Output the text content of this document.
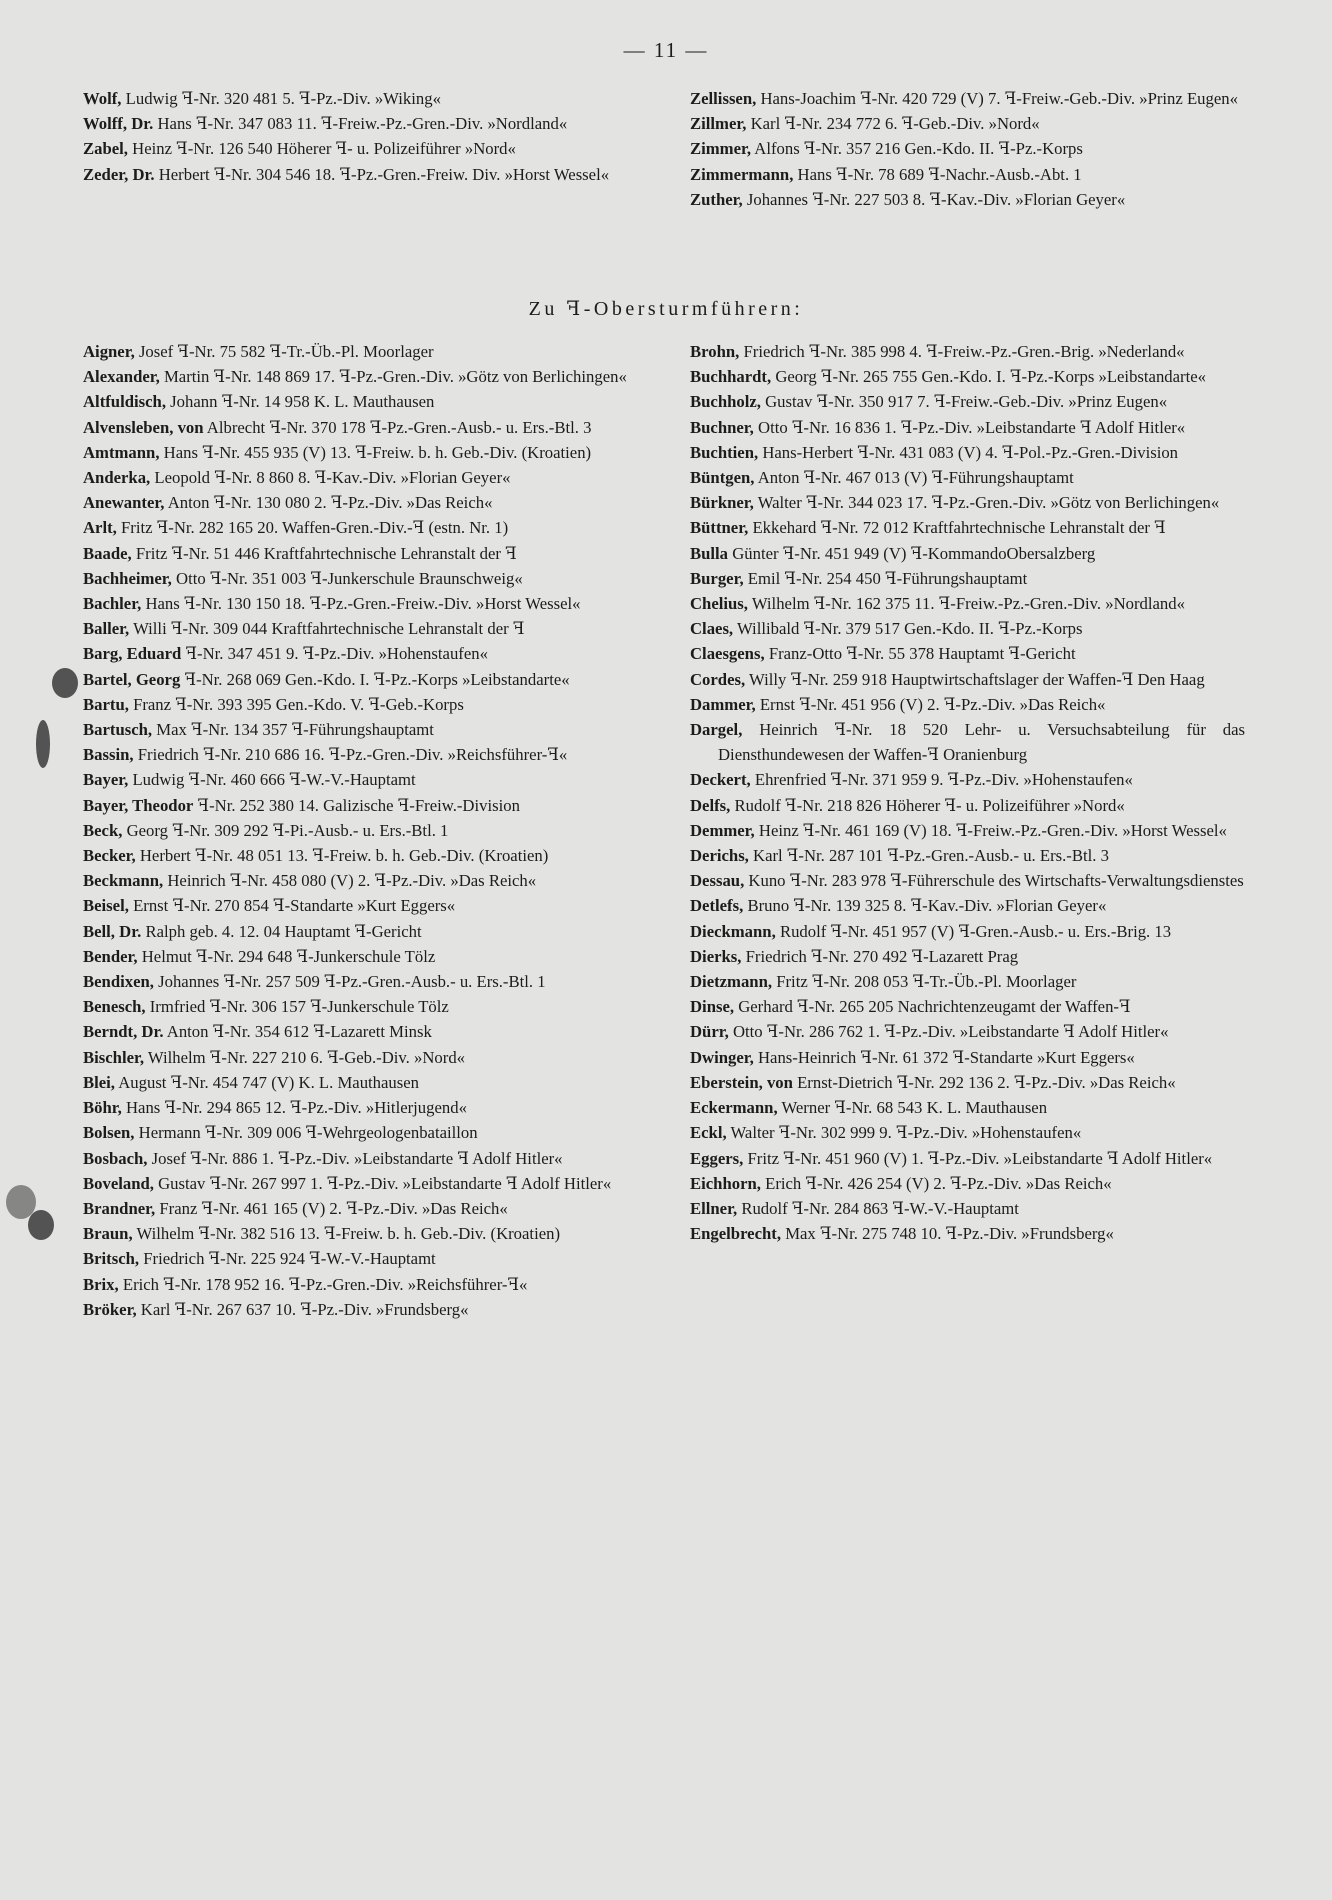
— 11 —

Wolf, Ludwig ꟻ-Nr. 320 481 5. ꟻ-Pz.-Div. »Wiking«

Wolff, Dr. Hans ꟻ-Nr. 347 083 11. ꟻ-Freiw.-Pz.-Gren.-Div. »Nordland«

Zabel, Heinz ꟻ-Nr. 126 540 Höherer ꟻ- u. Polizeiführer »Nord«

Zeder, Dr. Herbert ꟻ-Nr. 304 546 18. ꟻ-Pz.-Gren.-Freiw. Div. »Horst Wessel«

Zellissen, Hans-Joachim ꟻ-Nr. 420 729 (V) 7. ꟻ-Freiw.-Geb.-Div. »Prinz Eugen«

Zillmer, Karl ꟻ-Nr. 234 772 6. ꟻ-Geb.-Div. »Nord«

Zimmer, Alfons ꟻ-Nr. 357 216 Gen.-Kdo. II. ꟻ-Pz.-Korps

Zimmermann, Hans ꟻ-Nr. 78 689 ꟻ-Nachr.-Ausb.-Abt. 1

Zuther, Johannes ꟻ-Nr. 227 503 8. ꟻ-Kav.-Div. »Florian Geyer«

Zu ꟻ-Obersturmführern:

Aigner, Josef ꟻ-Nr. 75 582 ꟻ-Tr.-Üb.-Pl. Moorlager

Alexander, Martin ꟻ-Nr. 148 869 17. ꟻ-Pz.-Gren.-Div. »Götz von Berlichingen«

Altfuldisch, Johann ꟻ-Nr. 14 958 K. L. Mauthausen

Alvensleben, von Albrecht ꟻ-Nr. 370 178 ꟻ-Pz.-Gren.-Ausb.- u. Ers.-Btl. 3

Amtmann, Hans ꟻ-Nr. 455 935 (V) 13. ꟻ-Freiw. b. h. Geb.-Div. (Kroatien)

Anderka, Leopold ꟻ-Nr. 8 860 8. ꟻ-Kav.-Div. »Florian Geyer«

Anewanter, Anton ꟻ-Nr. 130 080 2. ꟻ-Pz.-Div. »Das Reich«

Arlt, Fritz ꟻ-Nr. 282 165 20. Waffen-Gren.-Div.-ꟻ (estn. Nr. 1)

Baade, Fritz ꟻ-Nr. 51 446 Kraftfahrtechnische Lehranstalt der ꟻ

Bachheimer, Otto ꟻ-Nr. 351 003 ꟻ-Junkerschule Braunschweig«

Bachler, Hans ꟻ-Nr. 130 150 18. ꟻ-Pz.-Gren.-Freiw.-Div. »Horst Wessel«

Baller, Willi ꟻ-Nr. 309 044 Kraftfahrtechnische Lehranstalt der ꟻ

Barg, Eduard ꟻ-Nr. 347 451 9. ꟻ-Pz.-Div. »Hohenstaufen«

Bartel, Georg ꟻ-Nr. 268 069 Gen.-Kdo. I. ꟻ-Pz.-Korps »Leibstandarte«

Bartu, Franz ꟻ-Nr. 393 395 Gen.-Kdo. V. ꟻ-Geb.-Korps

Bartusch, Max ꟻ-Nr. 134 357 ꟻ-Führungshauptamt

Bassin, Friedrich ꟻ-Nr. 210 686 16. ꟻ-Pz.-Gren.-Div. »Reichsführer-ꟻ«

Bayer, Ludwig ꟻ-Nr. 460 666 ꟻ-W.-V.-Hauptamt

Bayer, Theodor ꟻ-Nr. 252 380 14. Galizische ꟻ-Freiw.-Division

Beck, Georg ꟻ-Nr. 309 292 ꟻ-Pi.-Ausb.- u. Ers.-Btl. 1

Becker, Herbert ꟻ-Nr. 48 051 13. ꟻ-Freiw. b. h. Geb.-Div. (Kroatien)

Beckmann, Heinrich ꟻ-Nr. 458 080 (V) 2. ꟻ-Pz.-Div. »Das Reich«

Beisel, Ernst ꟻ-Nr. 270 854 ꟻ-Standarte »Kurt Eggers«

Bell, Dr. Ralph geb. 4. 12. 04 Hauptamt ꟻ-Gericht

Bender, Helmut ꟻ-Nr. 294 648 ꟻ-Junkerschule Tölz

Bendixen, Johannes ꟻ-Nr. 257 509 ꟻ-Pz.-Gren.-Ausb.- u. Ers.-Btl. 1

Benesch, Irmfried ꟻ-Nr. 306 157 ꟻ-Junkerschule Tölz

Berndt, Dr. Anton ꟻ-Nr. 354 612 ꟻ-Lazarett Minsk

Bischler, Wilhelm ꟻ-Nr. 227 210 6. ꟻ-Geb.-Div. »Nord«

Blei, August ꟻ-Nr. 454 747 (V) K. L. Mauthausen

Böhr, Hans ꟻ-Nr. 294 865 12. ꟻ-Pz.-Div. »Hitlerjugend«

Bolsen, Hermann ꟻ-Nr. 309 006 ꟻ-Wehrgeologenbataillon

Bosbach, Josef ꟻ-Nr. 886 1. ꟻ-Pz.-Div. »Leibstandarte ꟻ Adolf Hitler«

Boveland, Gustav ꟻ-Nr. 267 997 1. ꟻ-Pz.-Div. »Leibstandarte ꟻ Adolf Hitler«

Brandner, Franz ꟻ-Nr. 461 165 (V) 2. ꟻ-Pz.-Div. »Das Reich«

Braun, Wilhelm ꟻ-Nr. 382 516 13. ꟻ-Freiw. b. h. Geb.-Div. (Kroatien)

Britsch, Friedrich ꟻ-Nr. 225 924 ꟻ-W.-V.-Hauptamt

Brix, Erich ꟻ-Nr. 178 952 16. ꟻ-Pz.-Gren.-Div. »Reichsführer-ꟻ«

Bröker, Karl ꟻ-Nr. 267 637 10. ꟻ-Pz.-Div. »Frundsberg«

Brohn, Friedrich ꟻ-Nr. 385 998 4. ꟻ-Freiw.-Pz.-Gren.-Brig. »Nederland«

Buchhardt, Georg ꟻ-Nr. 265 755 Gen.-Kdo. I. ꟻ-Pz.-Korps »Leibstandarte«

Buchholz, Gustav ꟻ-Nr. 350 917 7. ꟻ-Freiw.-Geb.-Div. »Prinz Eugen«

Buchner, Otto ꟻ-Nr. 16 836 1. ꟻ-Pz.-Div. »Leibstandarte ꟻ Adolf Hitler«

Buchtien, Hans-Herbert ꟻ-Nr. 431 083 (V) 4. ꟻ-Pol.-Pz.-Gren.-Division

Büntgen, Anton ꟻ-Nr. 467 013 (V) ꟻ-Führungshauptamt

Bürkner, Walter ꟻ-Nr. 344 023 17. ꟻ-Pz.-Gren.-Div. »Götz von Berlichingen«

Büttner, Ekkehard ꟻ-Nr. 72 012 Kraftfahrtechnische Lehranstalt der ꟻ

Bulla Günter ꟻ-Nr. 451 949 (V) ꟻ-KommandoObersalzberg

Burger, Emil ꟻ-Nr. 254 450 ꟻ-Führungshauptamt

Chelius, Wilhelm ꟻ-Nr. 162 375 11. ꟻ-Freiw.-Pz.-Gren.-Div. »Nordland«

Claes, Willibald ꟻ-Nr. 379 517 Gen.-Kdo. II. ꟻ-Pz.-Korps

Claesgens, Franz-Otto ꟻ-Nr. 55 378 Hauptamt ꟻ-Gericht

Cordes, Willy ꟻ-Nr. 259 918 Hauptwirtschaftslager der Waffen-ꟻ Den Haag

Dammer, Ernst ꟻ-Nr. 451 956 (V) 2. ꟻ-Pz.-Div. »Das Reich«

Dargel, Heinrich ꟻ-Nr. 18 520 Lehr- u. Versuchsabteilung für das Diensthundewesen der Waffen-ꟻ Oranienburg

Deckert, Ehrenfried ꟻ-Nr. 371 959 9. ꟻ-Pz.-Div. »Hohenstaufen«

Delfs, Rudolf ꟻ-Nr. 218 826 Höherer ꟻ- u. Polizeiführer »Nord«

Demmer, Heinz ꟻ-Nr. 461 169 (V) 18. ꟻ-Freiw.-Pz.-Gren.-Div. »Horst Wessel«

Derichs, Karl ꟻ-Nr. 287 101 ꟻ-Pz.-Gren.-Ausb.- u. Ers.-Btl. 3

Dessau, Kuno ꟻ-Nr. 283 978 ꟻ-Führerschule des Wirtschafts-Verwaltungsdienstes

Detlefs, Bruno ꟻ-Nr. 139 325 8. ꟻ-Kav.-Div. »Florian Geyer«

Dieckmann, Rudolf ꟻ-Nr. 451 957 (V) ꟻ-Gren.-Ausb.- u. Ers.-Brig. 13

Dierks, Friedrich ꟻ-Nr. 270 492 ꟻ-Lazarett Prag

Dietzmann, Fritz ꟻ-Nr. 208 053 ꟻ-Tr.-Üb.-Pl. Moorlager

Dinse, Gerhard ꟻ-Nr. 265 205 Nachrichtenzeugamt der Waffen-ꟻ

Dürr, Otto ꟻ-Nr. 286 762 1. ꟻ-Pz.-Div. »Leibstandarte ꟻ Adolf Hitler«

Dwinger, Hans-Heinrich ꟻ-Nr. 61 372 ꟻ-Standarte »Kurt Eggers«

Eberstein, von Ernst-Dietrich ꟻ-Nr. 292 136 2. ꟻ-Pz.-Div. »Das Reich«

Eckermann, Werner ꟻ-Nr. 68 543 K. L. Mauthausen

Eckl, Walter ꟻ-Nr. 302 999 9. ꟻ-Pz.-Div. »Hohenstaufen«

Eggers, Fritz ꟻ-Nr. 451 960 (V) 1. ꟻ-Pz.-Div. »Leibstandarte ꟻ Adolf Hitler«

Eichhorn, Erich ꟻ-Nr. 426 254 (V) 2. ꟻ-Pz.-Div. »Das Reich«

Ellner, Rudolf ꟻ-Nr. 284 863 ꟻ-W.-V.-Hauptamt

Engelbrecht, Max ꟻ-Nr. 275 748 10. ꟻ-Pz.-Div. »Frundsberg«
